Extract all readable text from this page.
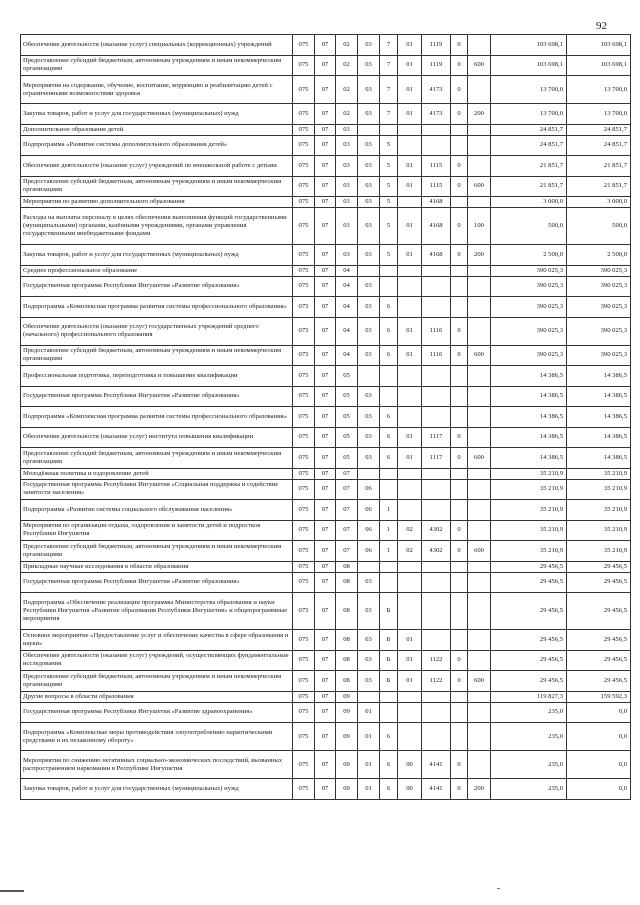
92
Обеспечение деятельности (оказание услуг) специальных (коррекционных) учреждений	075	07	02	03	7	01	1119	0		103 698,1	103 698,1
Предоставление субсидий бюджетным, автономным учреждениям и иным некоммерческим организациям	075	07	02	03	7	01	1119	0	600	103 698,1	103 698,1
Мероприятия на содержание, обучение, воспитание, коррекцию и реабилитацию детей с ограниченными возможностями здоровья	075	07	02	03	7	01	4173	0		13 700,0	13 700,0
Закупка товаров, работ и услуг для государственных (муниципальных) нужд	075	07	02	03	7	01	4173	0	200	13 700,0	13 700,0
Дополнительное образование детей	075	07	03							24 851,7	24 851,7
Подпрограмма «Развитие системы дополнительного образования детей»	075	07	03	03	5					24 851,7	24 851,7
Обеспечение деятельности (оказание услуг) учреждений по внешкольной работе с детьми	075	07	03	03	5	01	1115	0		21 851,7	21 851,7
Предоставление субсидий бюджетным, автономным учреждениям и иным некоммерческим организациям	075	07	03	03	5	01	1115	0	600	21 851,7	21 851,7
Мероприятия по развитию дополнительного образования	075	07	03	03	5		4168			3 000,0	3 000,0
Расходы на выплаты персоналу в целях обеспечения выполнения функций государственными (муниципальными) органами, казёнными учреждениями, органами управления государственными внебюджетными фондами	075	07	03	03	5	01	4168	0	100	500,0	500,0
Закупка товаров, работ и услуг для государственных (муниципальных) нужд	075	07	03	03	5	01	4168	0	200	2 500,0	2 500,0
Среднее профессиональное образование	075	07	04							390 025,3	390 025,3
Государственная программа Республики Ингушетия «Развитие образования»	075	07	04	03						390 025,3	390 025,3
Подпрограмма «Комплексная программа развития системы профессионального образования»	075	07	04	03	6					390 025,3	390 025,3
Обеспечение деятельности (оказание услуг) государственных учреждений среднего (начального) профессионального образования	075	07	04	03	6	01	1116	0		390 025,3	390 025,3
Предоставление субсидий бюджетным, автономным учреждениям и иным некоммерческим организациям	075	07	04	03	6	01	1116	0	600	390 025,3	390 025,3
Профессиональная подготовка, переподготовка и повышение квалификации	075	07	05							14 386,5	14 386,5
Государственная программа Республики Ингушетия «Развитие образования»	075	07	05	03						14 386,5	14 386,5
Подпрограмма «Комплексная программа развития системы профессионального образования»	075	07	05	03	6					14 386,5	14 386,5
Обеспечение деятельности (оказание услуг) института повышения квалификации	075	07	05	03	6	01	1117	0		14 386,5	14 386,5
Предоставление субсидий бюджетным, автономным учреждениям и иным некоммерческим организациям	075	07	05	03	6	01	1117	0	600	14 386,5	14 386,5
Молодёжная политика и оздоровление детей	075	07	07							35 210,9	35 210,9
Государственная программа Республики Ингушетия «Социальная поддержка и содействие занятости населения»	075	07	07	06						35 210,9	35 210,9
Подпрограмма «Развитие системы социального обслуживания населения»	075	07	07	06	1					35 210,9	35 210,9
Мероприятия по организации отдыха, оздоровления и занятости детей и подростков Республики Ингушетия	075	07	07	06	1	02	4302	0		35 210,9	35 210,9
Предоставление субсидий бюджетным, автономным учреждениям и иным некоммерческим организациям	075	07	07	06	1	02	4302	0	600	35 210,9	35 210,9
Прикладные научные исследования в области образования	075	07	08							29 456,5	29 456,5
Государственная программа Республики Ингушетия «Развитие образования»	075	07	08	03						29 456,5	29 456,5
Подпрограмма «Обеспечение реализации программы Министерства образования и науки Республики Ингушетия «Развитие образования Республики Ингушетия» и общепрограммные мероприятия	075	07	08	03	Б					29 456,5	29 456,5
Основное мероприятие «Предоставление услуг и обеспечение качества в сфере образования и науки»	075	07	08	03	Б	01				29 456,5	29 456,5
Обеспечение деятельности (оказание услуг) учреждений, осуществляющих фундаментальные исследования	075	07	08	03	Б	01	1122	0		29 456,5	29 456,5
Предоставление субсидий бюджетным, автономным учреждениям и иным некоммерческим организациям	075	07	08	03	Б	01	1122	0	600	29 456,5	29 456,5
Другие вопросы в области образования	075	07	09							119 827,3	159 592,3
Государственная программа Республики Ингушетия «Развитие здравоохранения»	075	07	09	01						235,0	0,0
Подпрограмма «Комплексные меры противодействия злоупотреблению наркотическими средствами и их незаконному обороту»	075	07	09	01	6					235,0	0,0
Мероприятия по снижению негативных социально-экономических последствий, вызванных распространением наркомании в Республике Ингушетия	075	07	09	01	6	00	4141	0		235,0	0,0
Закупка товаров, работ и услуг для государственных (муниципальных) нужд	075	07	09	01	6	00	4141	0	200	235,0	0,0
